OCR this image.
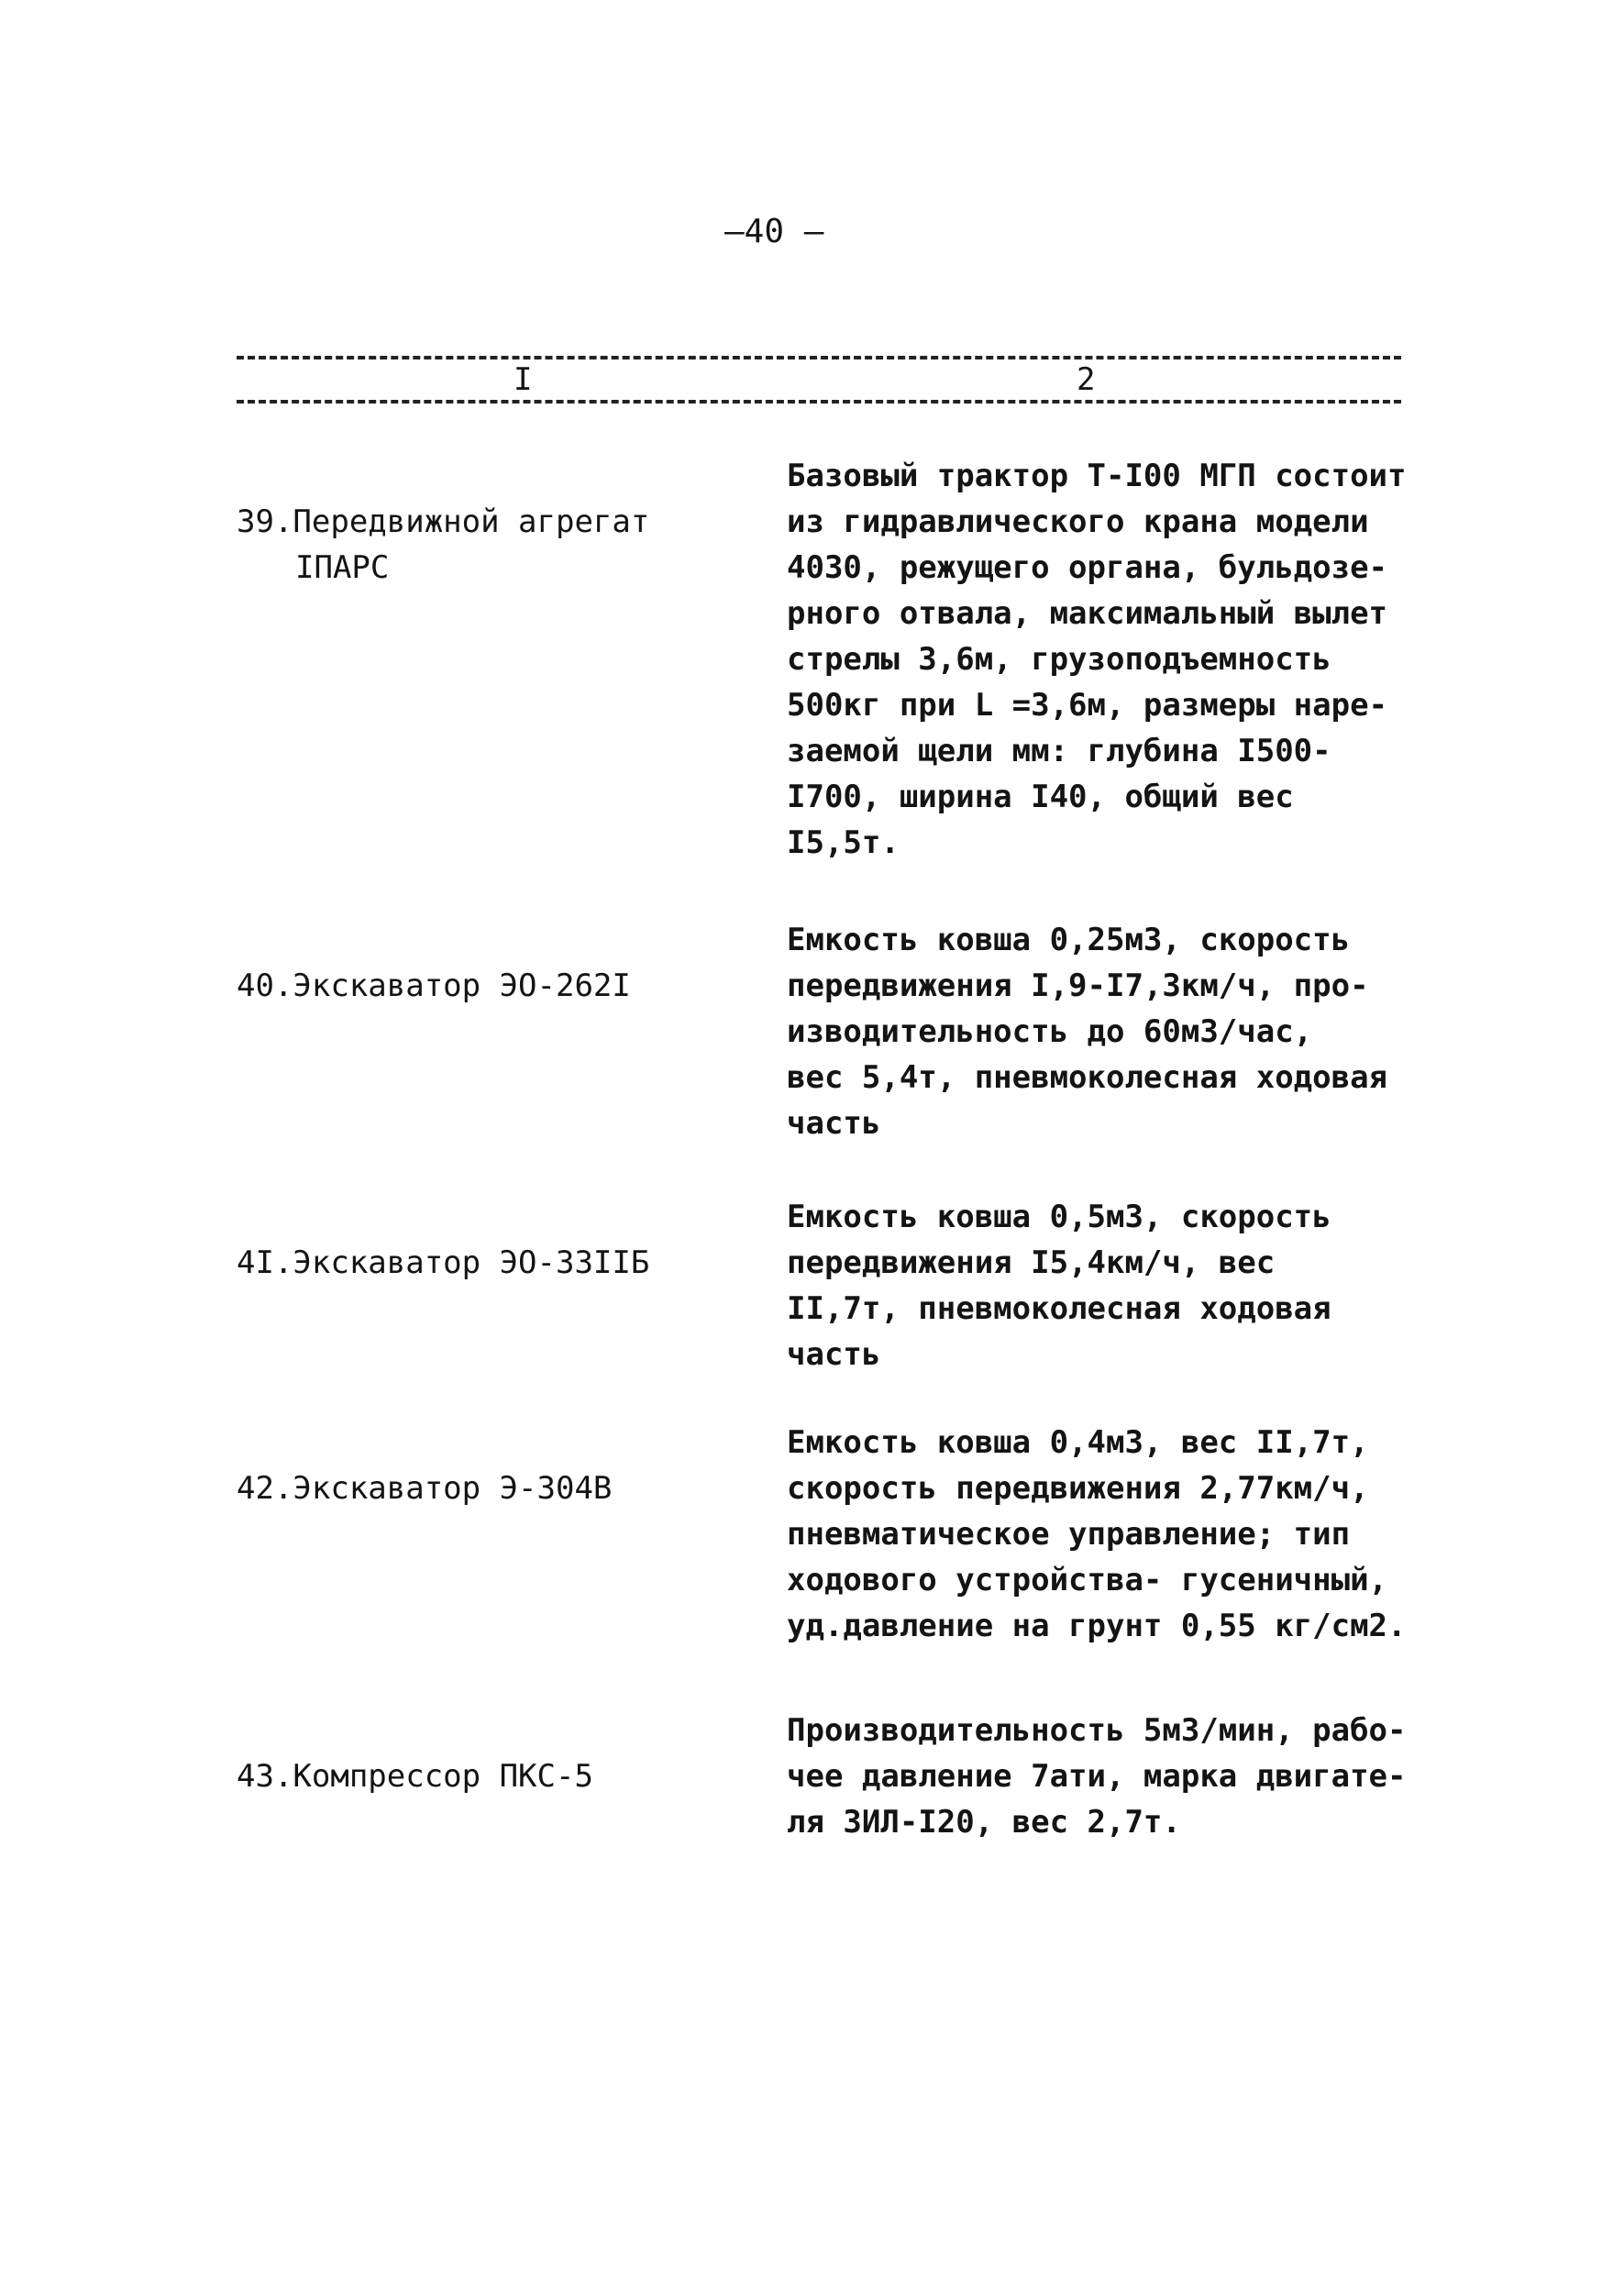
—40 —
I	2

39.Передвижной агрегат

IПАРС

Базовый трактор Т-I00 МГП состоит
из гидравлического крана модели
4030, режущего органа, бульдозе-
рного отвала, максимальный вылет
стрелы 3,6м, грузоподъемность
500кг при L =3,6м, размеры наре-
заемой щели мм: глубина I500-
I700, ширина I40, общий вес
I5,5т.

40.Экскаватор ЭО-262I

Емкость ковша 0,25м3, скорость
передвижения I,9-I7,3км/ч, про-
изводительность до 60м3/час,
вес 5,4т, пневмоколесная ходовая
часть

4I.Экскаватор ЭО-33IIБ

Емкость ковша 0,5м3, скорость
передвижения I5,4км/ч, вес
II,7т, пневмоколесная ходовая
часть

42.Экскаватор Э-304В

Емкость ковша 0,4м3, вес II,7т,
скорость передвижения 2,77км/ч,
пневматическое управление; тип
ходового устройства- гусеничный,
уд.давление на грунт 0,55 кг/см2.

43.Компрессор ПКС-5

Производительность 5м3/мин, рабо-
чее давление 7ати, марка двигате-
ля ЗИЛ-I20, вес 2,7т.
